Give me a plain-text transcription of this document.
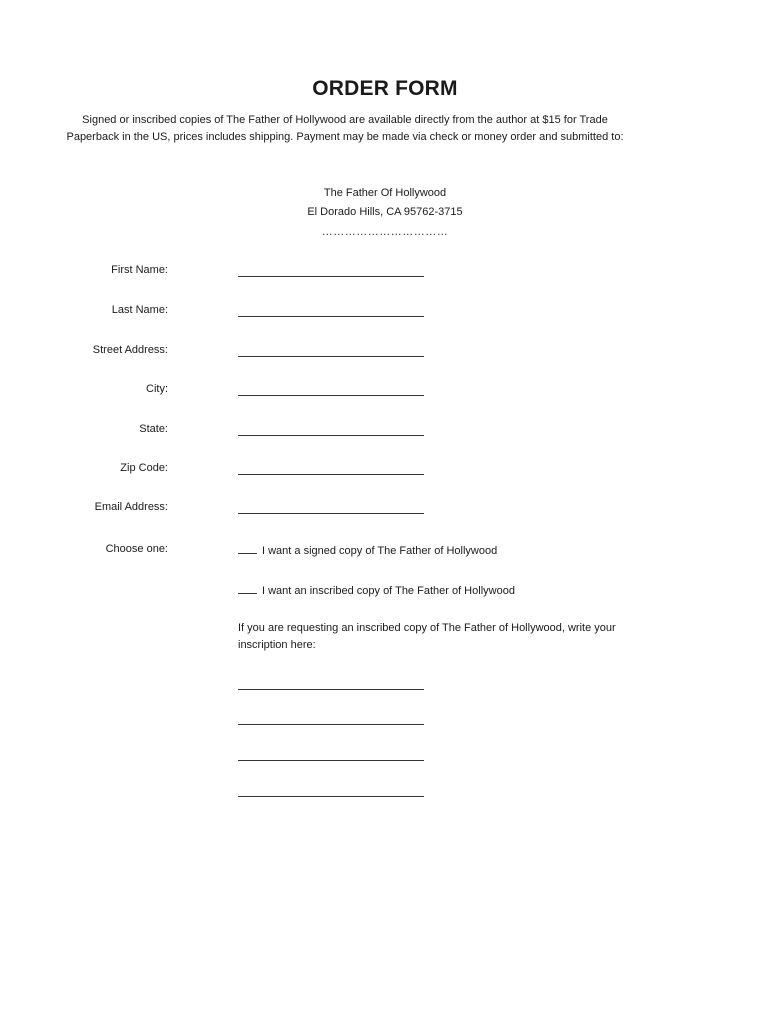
ORDER FORM
Signed or inscribed copies of The Father of Hollywood are available directly from the author at $15 for Trade Paperback in the US, prices includes shipping. Payment may be made via check or money order and submitted to:
The Father Of Hollywood
El Dorado Hills, CA 95762-3715
……………………………
First Name:
Last Name:
Street Address:
City:
State:
Zip Code:
Email Address:
Choose one:	I want a signed copy of The Father of Hollywood
I want an inscribed copy of The Father of Hollywood
If you are requesting an inscribed copy of The Father of Hollywood, write your inscription here:
